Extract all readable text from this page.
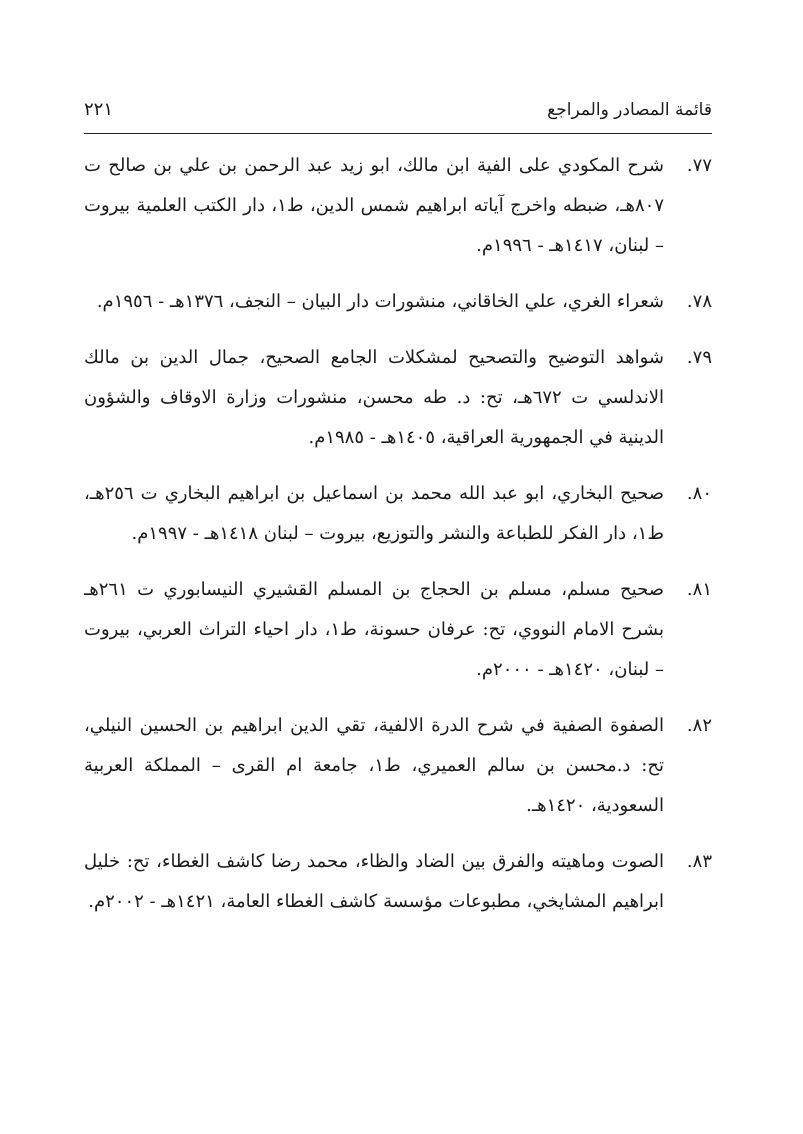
قائمة المصادر والمراجع
٢٢١
٧٧.
شرح المكودي على الفية ابن مالك، ابو زيد عبد الرحمن بن علي بن صالح ت ٨٠٧هـ، ضبطه واخرج آياته ابراهيم شمس الدين، ط١، دار الكتب العلمية بيروت – لبنان، ١٤١٧هـ - ١٩٩٦م.
٧٨.
شعراء الغري، علي الخاقاني، منشورات دار البيان – النجف، ١٣٧٦هـ - ١٩٥٦م.
٧٩.
شواهد التوضيح والتصحيح لمشكلات الجامع الصحيح، جمال الدين بن مالك الاندلسي ت ٦٧٢هـ، تح: د. طه محسن، منشورات وزارة الاوقاف والشؤون الدينية في الجمهورية العراقية، ١٤٠٥هـ - ١٩٨٥م.
٨٠.
صحيح البخاري، ابو عبد الله محمد بن اسماعيل بن ابراهيم البخاري ت ٢٥٦هـ، ط١، دار الفكر للطباعة والنشر والتوزيع، بيروت – لبنان ١٤١٨هـ - ١٩٩٧م.
٨١.
صحيح مسلم، مسلم بن الحجاج بن المسلم القشيري النيسابوري ت ٢٦١هـ بشرح الامام النووي، تح: عرفان حسونة، ط١، دار احياء التراث العربي، بيروت – لبنان، ١٤٢٠هـ - ٢٠٠٠م.
٨٢.
الصفوة الصفية في شرح الدرة الالفية، تقي الدين ابراهيم بن الحسين النيلي، تح: د.محسن بن سالم العميري، ط١، جامعة ام القرى – المملكة العربية السعودية، ١٤٢٠هـ.
٨٣.
الصوت وماهيته والفرق بين الضاد والظاء، محمد رضا كاشف الغطاء، تح: خليل ابراهيم المشايخي، مطبوعات مؤسسة كاشف الغطاء العامة، ١٤٢١هـ - ٢٠٠٢م.
